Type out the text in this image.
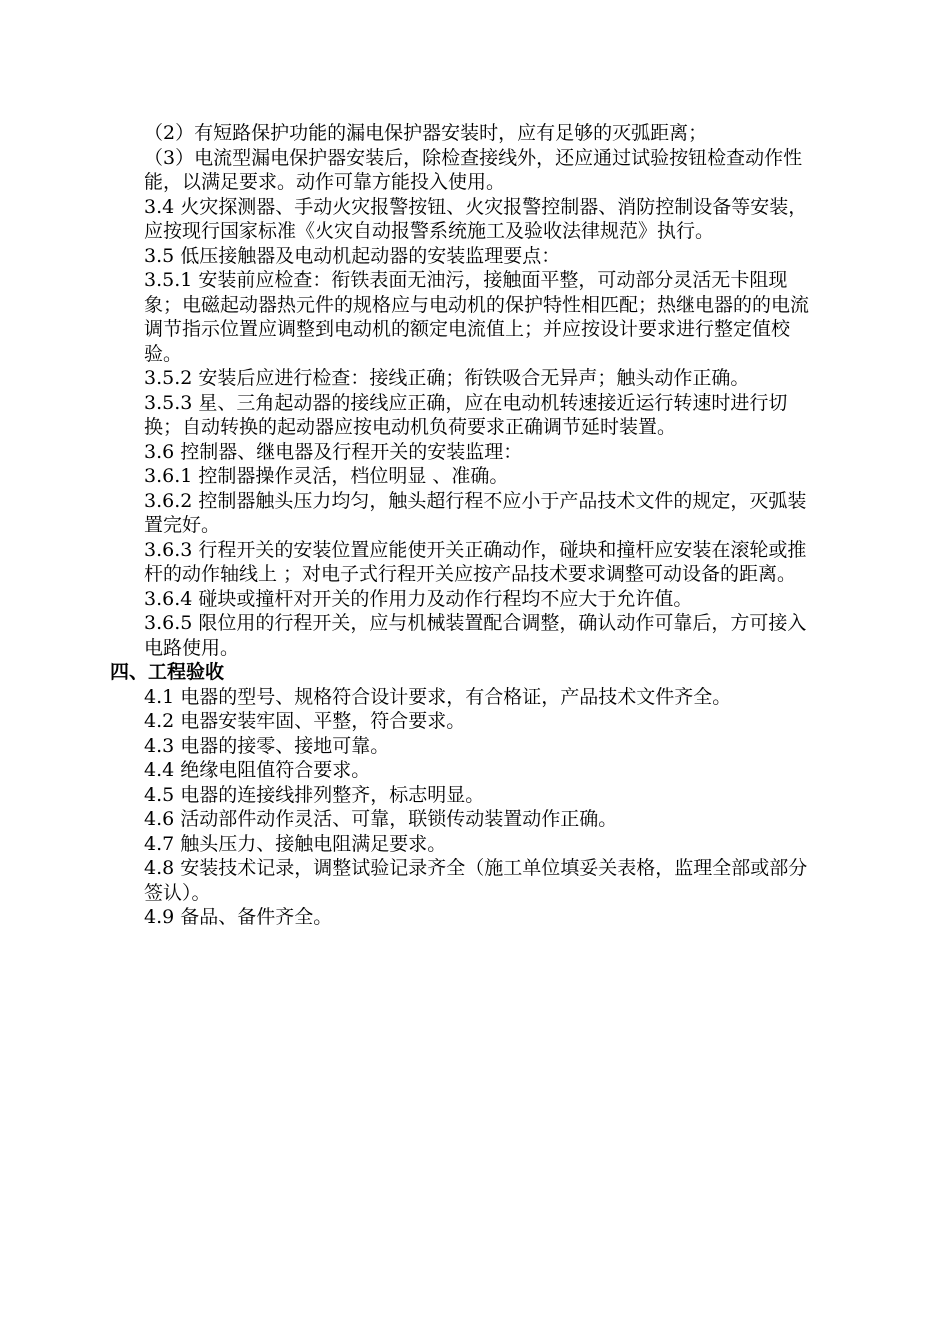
（2）有短路保护功能的漏电保护器安装时，应有足够的灭弧距离；

（3）电流型漏电保护器安装后，除检查接线外，还应通过试验按钮检查动作性能，以满足要求。动作可靠方能投入使用。

3.4 火灾探测器、手动火灾报警按钮、火灾报警控制器、消防控制设备等安装，应按现行国家标准《火灾自动报警系统施工及验收法律规范》执行。

3.5 低压接触器及电动机起动器的安装监理要点：

3.5.1 安装前应检查：衔铁表面无油污，接触面平整，可动部分灵活无卡阻现象；电磁起动器热元件的规格应与电动机的保护特性相匹配；热继电器的的电流调节指示位置应调整到电动机的额定电流值上；并应按设计要求进行整定值校验。

3.5.2 安装后应进行检查：接线正确；衔铁吸合无异声；触头动作正确。

3.5.3 星、三角起动器的接线应正确，应在电动机转速接近运行转速时进行切换；自动转换的起动器应按电动机负荷要求正确调节延时装置。

3.6 控制器、继电器及行程开关的安装监理：

3.6.1 控制器操作灵活，档位明显 、准确。

3.6.2 控制器触头压力均匀，触头超行程不应小于产品技术文件的规定，灭弧装置完好。

3.6.3 行程开关的安装位置应能使开关正确动作，碰块和撞杆应安装在滚轮或推杆的动作轴线上 ；对电子式行程开关应按产品技术要求调整可动设备的距离。

3.6.4 碰块或撞杆对开关的作用力及动作行程均不应大于允许值。

3.6.5 限位用的行程开关，应与机械装置配合调整，确认动作可靠后，方可接入电路使用。

四、工程验收

4.1 电器的型号、规格符合设计要求，有合格证，产品技术文件齐全。

4.2 电器安装牢固、平整，符合要求。

4.3 电器的接零、接地可靠。

4.4 绝缘电阻值符合要求。

4.5 电器的连接线排列整齐，标志明显。

4.6 活动部件动作灵活、可靠，联锁传动装置动作正确。

4.7 触头压力、接触电阻满足要求。

4.8 安装技术记录，调整试验记录齐全（施工单位填妥关表格，监理全部或部分签认）。

4.9 备品、备件齐全。
